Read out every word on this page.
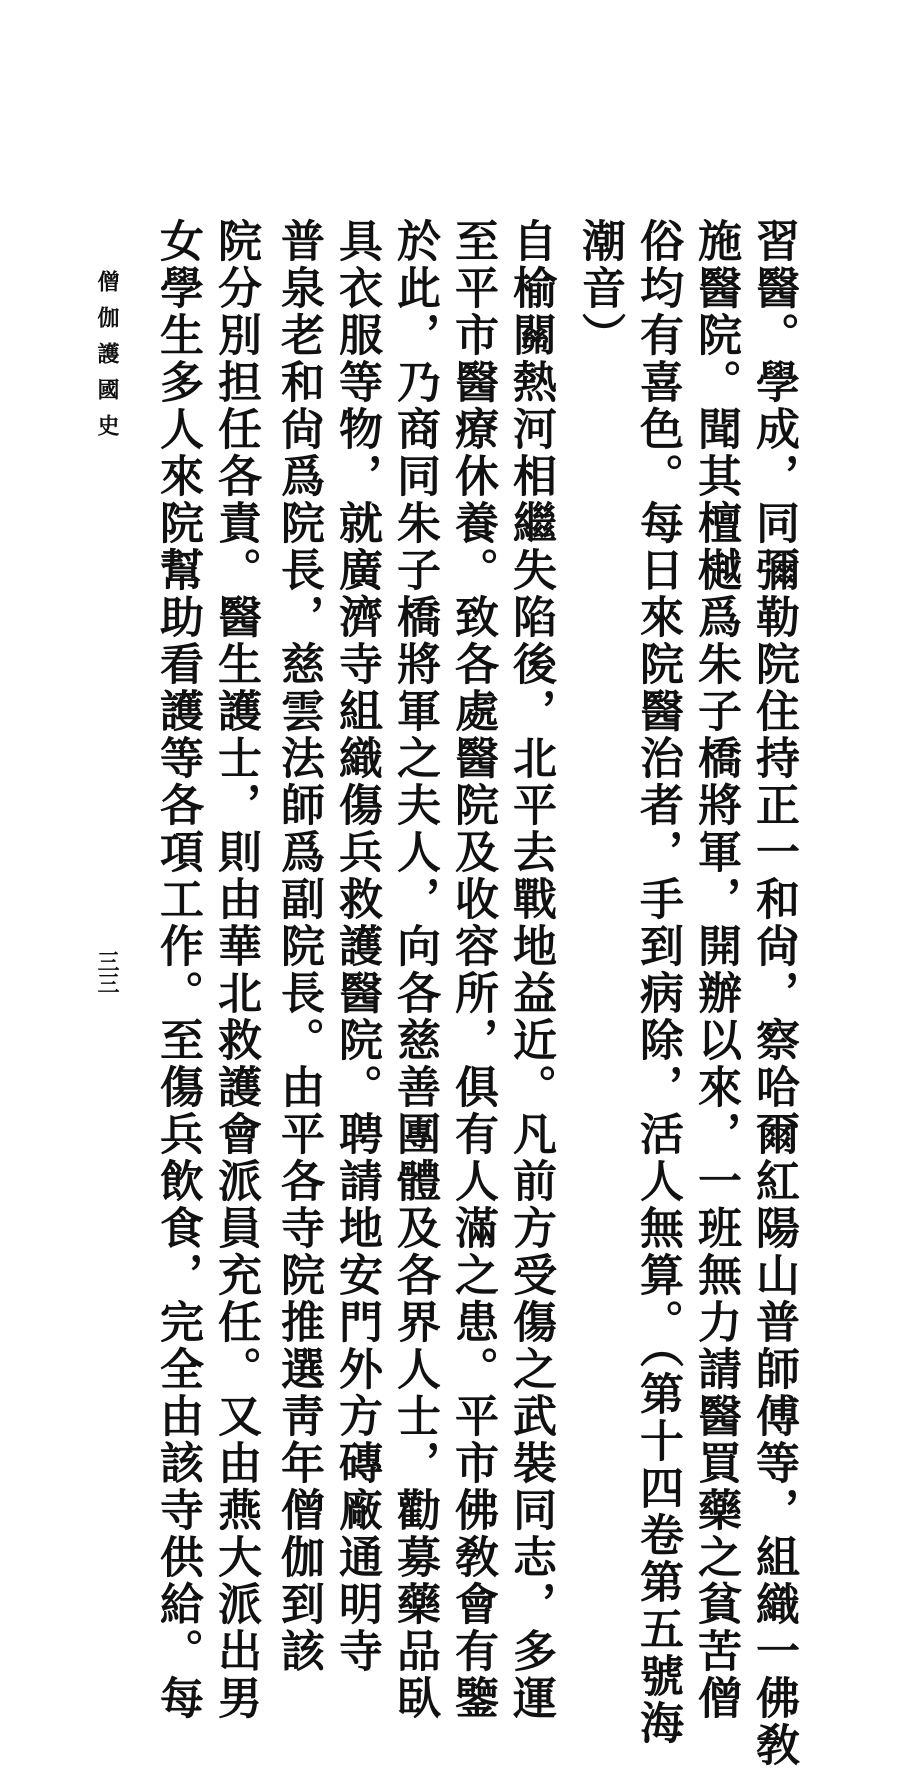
僧伽護國史
三三	習醫。學成，同彌勒院住持正一和尙，察哈爾紅陽山普師傅等，組織一佛敎
施醫院。聞其檀樾爲朱子橋將軍，開辦以來，一班無力請醫買藥之貧苦僧
俗均有喜色。每日來院醫治者，手到病除，活人無算。（第十四卷第五號海
潮音）
自榆關熱河相繼失陷後，北平去戰地益近。凡前方受傷之武裝同志，多運
至平市醫療休養。致各處醫院及收容所，俱有人滿之患。平市佛敎會有鑒
於此，乃商同朱子橋將軍之夫人，向各慈善團體及各界人士，勸募藥品臥
具衣服等物，就廣濟寺組織傷兵救護醫院。聘請地安門外方磚廠通明寺
普泉老和尙爲院長，慈雲法師爲副院長。由平各寺院推選靑年僧伽到該
院分別担任各責。醫生護士，則由華北救護會派員充任。又由燕大派出男
女學生多人來院幫助看護等各項工作。至傷兵飲食，完全由該寺供給。每
